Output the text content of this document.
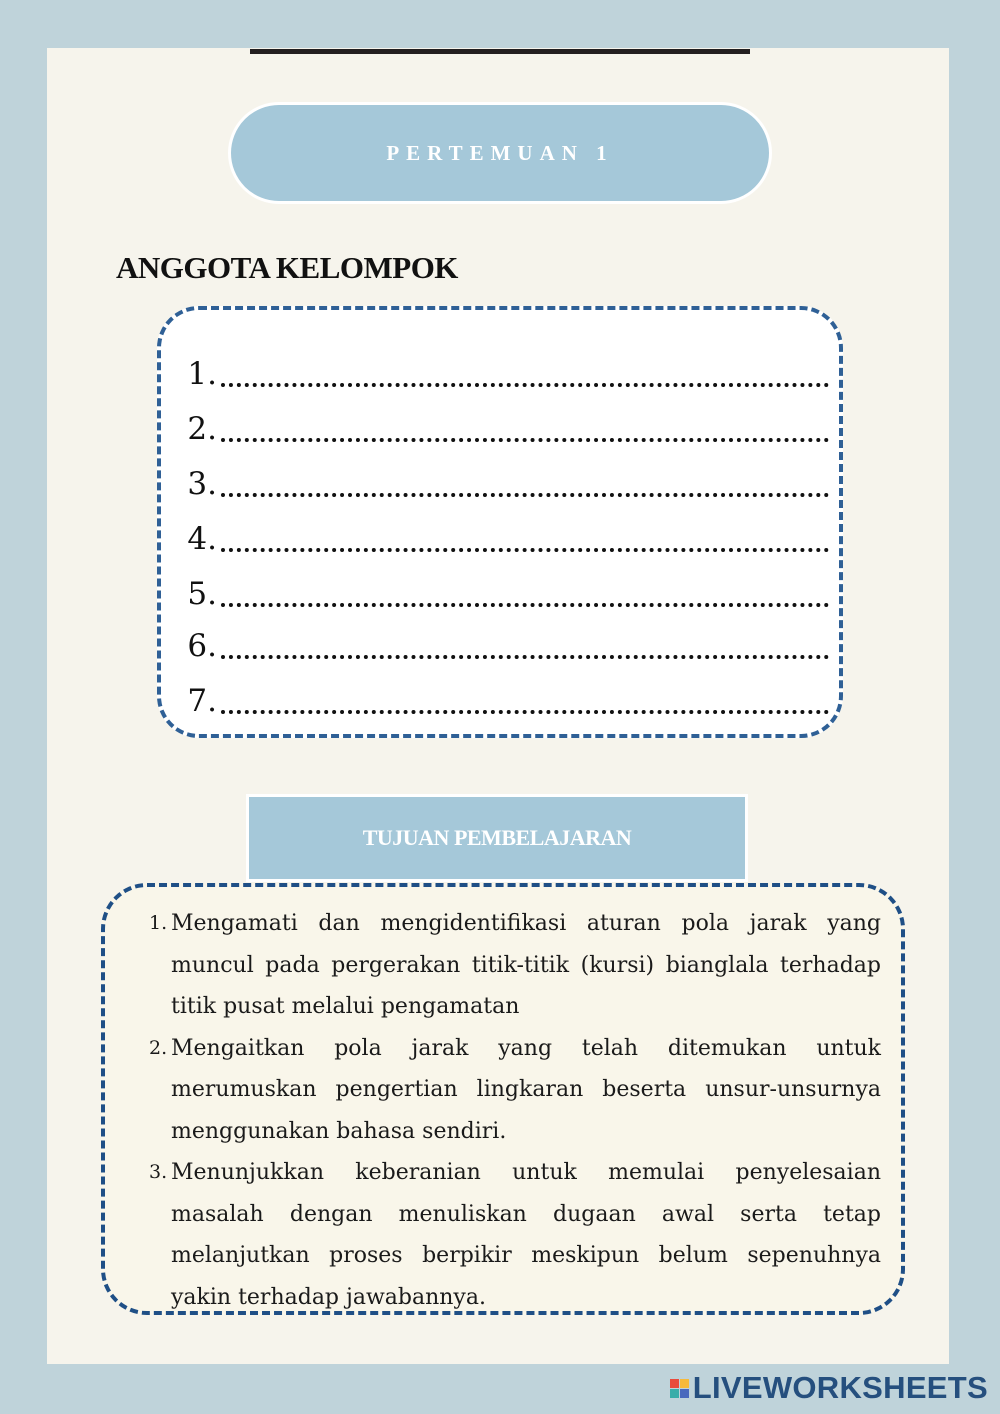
PERTEMUAN 1
ANGGOTA KELOMPOK
1.
2.
3.
4.
5.
6.
7.
TUJUAN PEMBELAJARAN
1. Mengamati dan mengidentifikasi aturan pola jarak yang muncul pada pergerakan titik-titik (kursi) bianglala terhadap titik pusat melalui pengamatan
2. Mengaitkan pola jarak yang telah ditemukan untuk merumuskan pengertian lingkaran beserta unsur-unsurnya menggunakan bahasa sendiri.
3. Menunjukkan keberanian untuk memulai penyelesaian masalah dengan menuliskan dugaan awal serta tetap melanjutkan proses berpikir meskipun belum sepenuhnya yakin terhadap jawabannya.
LIVEWORKSHEETS
